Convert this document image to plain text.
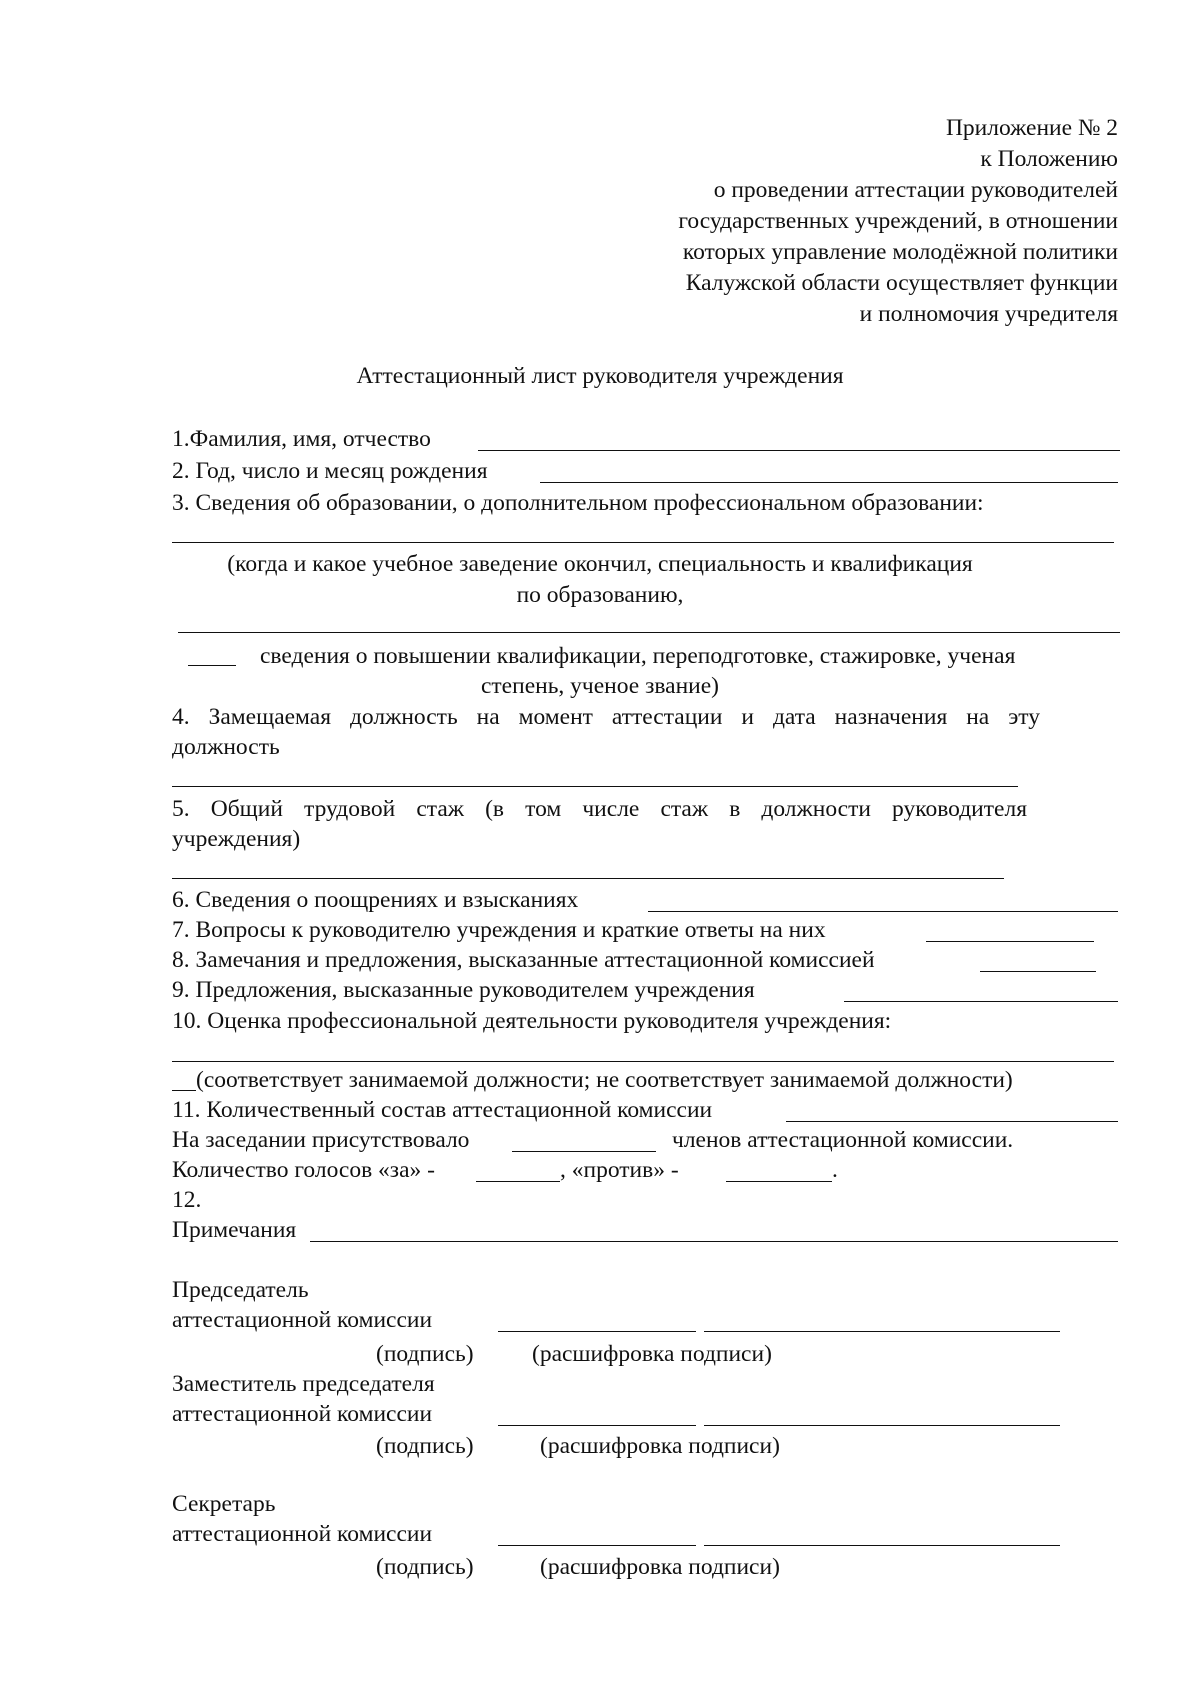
Приложение № 2
к Положению
о проведении аттестации руководителей
государственных учреждений, в отношении
которых управление молодёжной политики
Калужской области осуществляет функции
и полномочия учредителя
Аттестационный лист руководителя учреждения
1.Фамилия, имя, отчество
2. Год, число и месяц рождения
3. Сведения об образовании, о дополнительном профессиональном образовании:
(когда и какое учебное заведение окончил, специальность и квалификация
по образованию,
сведения о повышении квалификации, переподготовке, стажировке, ученая
степень, ученое звание)
4. Замещаемая должность на момент аттестации и дата назначения на эту
должность
5. Общий трудовой стаж (в том числе стаж в должности руководителя
учреждения)
6. Сведения о поощрениях и взысканиях
7. Вопросы к руководителю учреждения и краткие ответы на них
8. Замечания и предложения, высказанные аттестационной комиссией
9. Предложения, высказанные руководителем учреждения
10. Оценка профессиональной деятельности руководителя учреждения:
(соответствует занимаемой должности; не соответствует занимаемой должности)
11. Количественный состав аттестационной комиссии
На заседании присутствовало	членов аттестационной комиссии.
Количество голосов «за» -	, «против» -	.
12.
Примечания
Председатель
аттестационной комиссии
(подпись) (расшифровка подписи)
Заместитель председателя
аттестационной комиссии
(подпись)	(расшифровка подписи)
Секретарь
аттестационной комиссии
(подпись)	(расшифровка подписи)
